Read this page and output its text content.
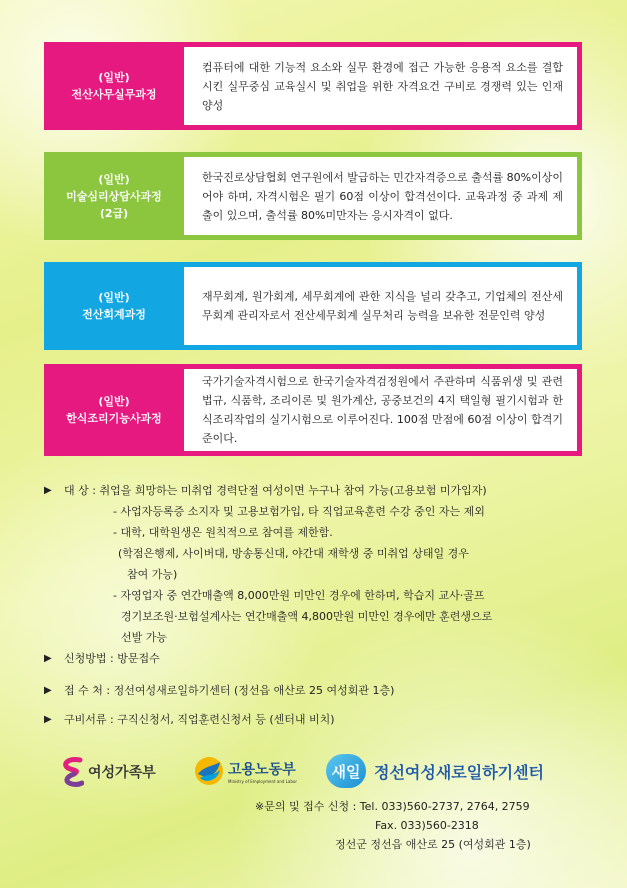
(일반)
전산사무실무과정
컴퓨터에 대한 기능적 요소와 실무 환경에 접근 가능한 응용적 요소를 결합시킨 실무중심 교육실시 및 취업을 위한 자격요건 구비로 경쟁력 있는 인재 양성
(일반)
미술심리상담사과정
(2급)
한국진로상담협회 연구원에서 발급하는 민간자격증으로 출석률 80%이상이어야 하며, 자격시험은 필기 60점 이상이 합격선이다. 교육과정 중 과제 제출이 있으며, 출석률 80%미만자는 응시자격이 없다.
(일반)
전산회계과정
재무회계, 원가회계, 세무회계에 관한 지식을 널리 갖추고, 기업체의 전산세무회계 관리자로서 전산세무회계 실무처리 능력을 보유한 전문인력 양성
(일반)
한식조리기능사과정
국가기술자격시험으로 한국기술자격검정원에서 주관하며 식품위생 및 관련법규, 식품학, 조리이론 및 원가계산, 공중보건의 4지 택일형 필기시험과 한식조리작업의 실기시험으로 이루어진다. 100점 만점에 60점 이상이 합격기준이다.
▶	대 상
: 취업을 희망하는 미취업 경력단절 여성이면 누구나 참여 가능(고용보험 미가입자)
- 사업자등록증 소지자 및 고용보험가입, 타 직업교육훈련 수강 중인 자는 제외
- 대학, 대학원생은 원칙적으로 참여를 제한함.
(학점은행제, 사이버대, 방송통신대, 야간대 재학생 중 미취업 상태일 경우
참여 가능)
- 자영업자 중 연간매출액 8,000만원 미만인 경우에 한하며, 학습지 교사·골프
경기보조원·보험설계사는 연간매출액 4,800만원 미만인 경우에만 훈련생으로
선발 가능
▶	신청방법
: 방문접수
▶	접 수 처
: 정선여성새로일하기센터 (정선읍 애산로 25 여성회관 1층)
▶	구비서류
: 구직신청서, 직업훈련신청서 등 (센터내 비치)
여성가족부	고용노동부
Ministry of Employment and Labor
새일 정선여성새로일하기센터
※문의 및 접수 신청 : Tel. 033)560-2737, 2764, 2759
Fax. 033)560-2318
정선군 정선읍 애산로 25 (여성회관 1층)
